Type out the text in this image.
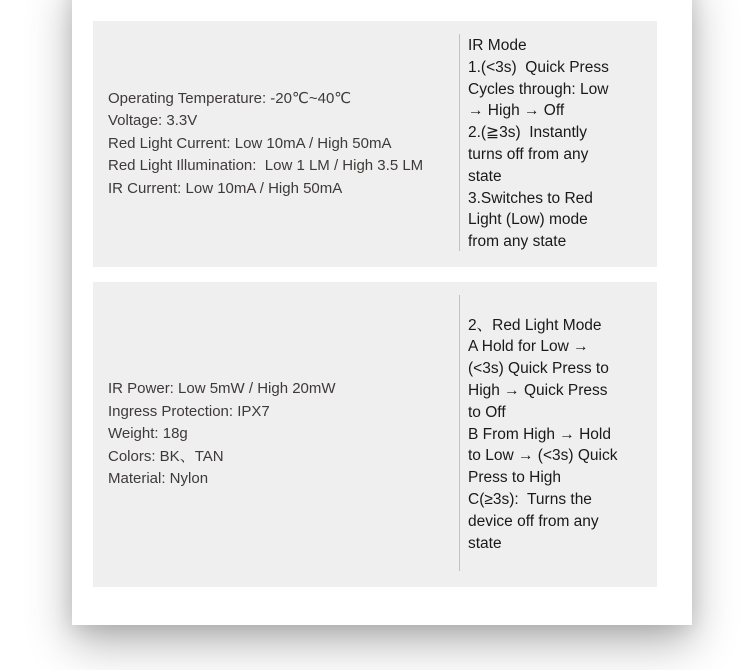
Operating Temperature: -20℃~40℃
Voltage: 3.3V
Red Light Current: Low 10mA / High 50mA
Red Light Illumination:  Low 1 LM / High 3.5 LM
IR Current: Low 10mA / High 50mA
IR Mode
1.(<3s)  Quick Press
Cycles through: Low
→ High → Off
2.(≧3s)  Instantly
turns off from any
state
3.Switches to Red
Light (Low) mode
from any state
IR Power: Low 5mW / High 20mW
Ingress Protection: IPX7
Weight: 18g
Colors: BK、TAN
Material: Nylon
2、Red Light Mode
A Hold for Low →
(<3s) Quick Press to
High → Quick Press
to Off
B From High → Hold
to Low → (<3s) Quick
Press to High
C(≥3s):  Turns the
device off from any
state
